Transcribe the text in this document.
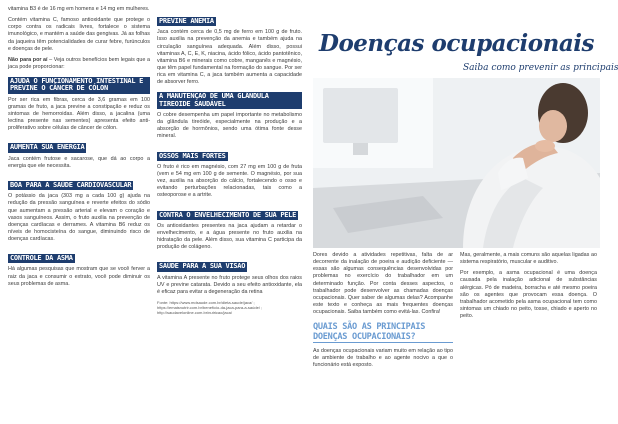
vitamina B3 é de 16 mg em homens e 14 mg em mulheres.

Contém vitamina C, famoso antioxidante que protege o corpo contra os radicais livres, fortalece o sistema imunológico, e mantém a saúde das gengivas. Já as folhas da jaqueira têm potencialidades de curar febre, furúnculos e doenças de pele.

Não para por aí – Veja outros benefícios bem legais que a jaca pode proporcionar:

AJUDA O FUNCIONAMENTO INTESTINAL E PREVINE O CÂNCER DE CÓLON

Por ser rica em fibras, cerca de 3,6 gramas em 100 gramas de fruto, a jaca previne a constipação e reduz os sintomas de hemorroidas. Além disso, a jacalina (uma lectina presente nas sementes) apresenta efeito anti-proliferativo sobre células de câncer de cólon.

AUMENTA SUA ENERGIA

Jaca contém frutose e sacarose, que dá ao corpo a energia que ele necessita.

BOA PARA A SAÚDE CARDIOVASCULAR

O potássio da jaca (303 mg a cada 100 g) ajuda na redução da pressão sanguínea e reverte efeitos do sódio que aumentam a pressão arterial e elevam o coração e vasos sanguíneos. Assim, o fruto auxilia na prevenção de doenças cardíacas e derrames. A vitamina B6 reduz os níveis de homocisteína do sangue, diminuindo risco de doenças cardíacas.

CONTROLE DA ASMA

Há algumas pesquisas que mostram que se você ferver a raiz da jaca e consumir o extrato, você pode diminuir os seus problemas de asma.

PREVINE ANEMIA

Jaca contém cerca de 0,5 mg de ferro em 100 g de fruto. Isso auxilia na prevenção da anemia e também ajuda na circulação sanguínea adequada. Além disso, possui vitaminas A, C, E, K, niacina, ácido fólico, ácido pantotênico, vitamina B6 e minerais como cobre, manganês e magnésio, que têm papel fundamental na formação do sangue. Por ser rica em vitamina C, a jaca também aumenta a capacidade de absorver ferro.

A MANUTENÇÃO DE UMA GLÂNDULA TIREOIDE SAUDÁVEL

O cobre desempenha um papel importante no metabolismo da glândula tireóide, especialmente na produção e a absorção de hormônios, sendo uma ótima fonte desse mineral.

OSSOS MAIS FORTES

O fruto é rico em magnésio, com 27 mg em 100 g de fruta (vem e 54 mg em 100 g de semente. O magnésio, por sua vez, auxilia na absorção do cálcio, fortalecendo o osso e evitando perturbações relacionadas, tais como a osteoporose e a artrite.

CONTRA O ENVELHECIMENTO DE SUA PELE

Os antioxidantes presentes na jaca ajudam a retardar o envelhecimento, e a água presente no fruto auxilia na hidratação da pele. Além disso, sua vitamina C participa da produção de colágeno.

SAÚDE PARA A SUA VISÃO

A vitamina A presente no fruto protege seus olhos dos raios UV e previne catarata. Devido a seu efeito antioxidante, ela é eficaz para evitar a degeneração da retina

Fonte: https://www.mdsaude.com.br/dieta-saude/jaca/ ; https://emaisnutrir.com.br/benefício-da-jaca-para-a-saúde/ ; http://saudavelonline.com.br/nutricao/jaca/

Doenças ocupacionais
Saiba como prevenir as principais

Dores devido a atividades repetitivas, falta de ar decorrente da inalação de poeira e audição deficiente — essas são algumas consequências desenvolvidas por problemas no exercício do trabalhador em um determinado função. Por conta desses aspectos, o trabalhador pode desenvolver as chamadas doenças ocupacionais. Quer saber de algumas delas? Acompanhe este texto e conheça as mais frequentes doenças ocupacionais. Saiba também como evitá-las. Confira!

QUAIS SÃO AS PRINCIPAIS DOENÇAS OCUPACIONAIS?

As doenças ocupacionais variam muito em relação ao tipo de ambiente de trabalho e ao agente nocivo a que o funcionário está exposto.

Mas, geralmente, a mais comuns são aquelas ligadas ao sistema respiratório, muscular e auditivo.

Por exemplo, a asma ocupacional é uma doença causada pela inalação adicional de substâncias alérgicas. Pó de madeira, borracha e até mesmo poeira são os agentes que provocam essa doença. O trabalhador acometido pela asma ocupacional tem como sintomas um chiado no peito, tosse, chiado e aperto no peito.
